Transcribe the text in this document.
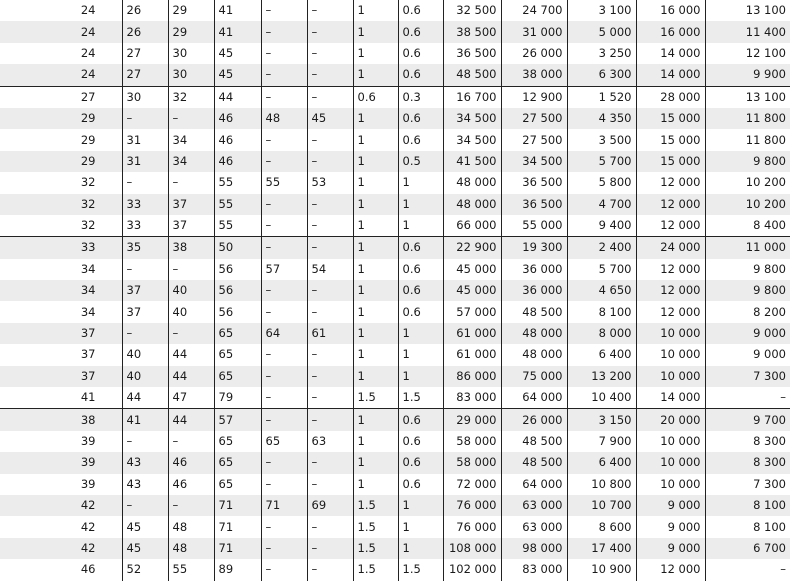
24	26	29	41	–	–	1	0.6	32 500	24 700	3 100	16 000	13 100
24	26	29	41	–	–	1	0.6	38 500	31 000	5 000	16 000	11 400
24	27	30	45	–	–	1	0.6	36 500	26 000	3 250	14 000	12 100
24	27	30	45	–	–	1	0.6	48 500	38 000	6 300	14 000	9 900
27	30	32	44	–	–	0.6	0.3	16 700	12 900	1 520	28 000	13 100
29	–	–	46	48	45	1	0.6	34 500	27 500	4 350	15 000	11 800
29	31	34	46	–	–	1	0.6	34 500	27 500	3 500	15 000	11 800
29	31	34	46	–	–	1	0.5	41 500	34 500	5 700	15 000	9 800
32	–	–	55	55	53	1	1	48 000	36 500	5 800	12 000	10 200
32	33	37	55	–	–	1	1	48 000	36 500	4 700	12 000	10 200
32	33	37	55	–	–	1	1	66 000	55 000	9 400	12 000	8 400
33	35	38	50	–	–	1	0.6	22 900	19 300	2 400	24 000	11 000
34	–	–	56	57	54	1	0.6	45 000	36 000	5 700	12 000	9 800
34	37	40	56	–	–	1	0.6	45 000	36 000	4 650	12 000	9 800
34	37	40	56	–	–	1	0.6	57 000	48 500	8 100	12 000	8 200
37	–	–	65	64	61	1	1	61 000	48 000	8 000	10 000	9 000
37	40	44	65	–	–	1	1	61 000	48 000	6 400	10 000	9 000
37	40	44	65	–	–	1	1	86 000	75 000	13 200	10 000	7 300
41	44	47	79	–	–	1.5	1.5	83 000	64 000	10 400	14 000	–
38	41	44	57	–	–	1	0.6	29 000	26 000	3 150	20 000	9 700
39	–	–	65	65	63	1	0.6	58 000	48 500	7 900	10 000	8 300
39	43	46	65	–	–	1	0.6	58 000	48 500	6 400	10 000	8 300
39	43	46	65	–	–	1	0.6	72 000	64 000	10 800	10 000	7 300
42	–	–	71	71	69	1.5	1	76 000	63 000	10 700	9 000	8 100
42	45	48	71	–	–	1.5	1	76 000	63 000	8 600	9 000	8 100
42	45	48	71	–	–	1.5	1	108 000	98 000	17 400	9 000	6 700
46	52	55	89	–	–	1.5	1.5	102 000	83 000	10 900	12 000	–
